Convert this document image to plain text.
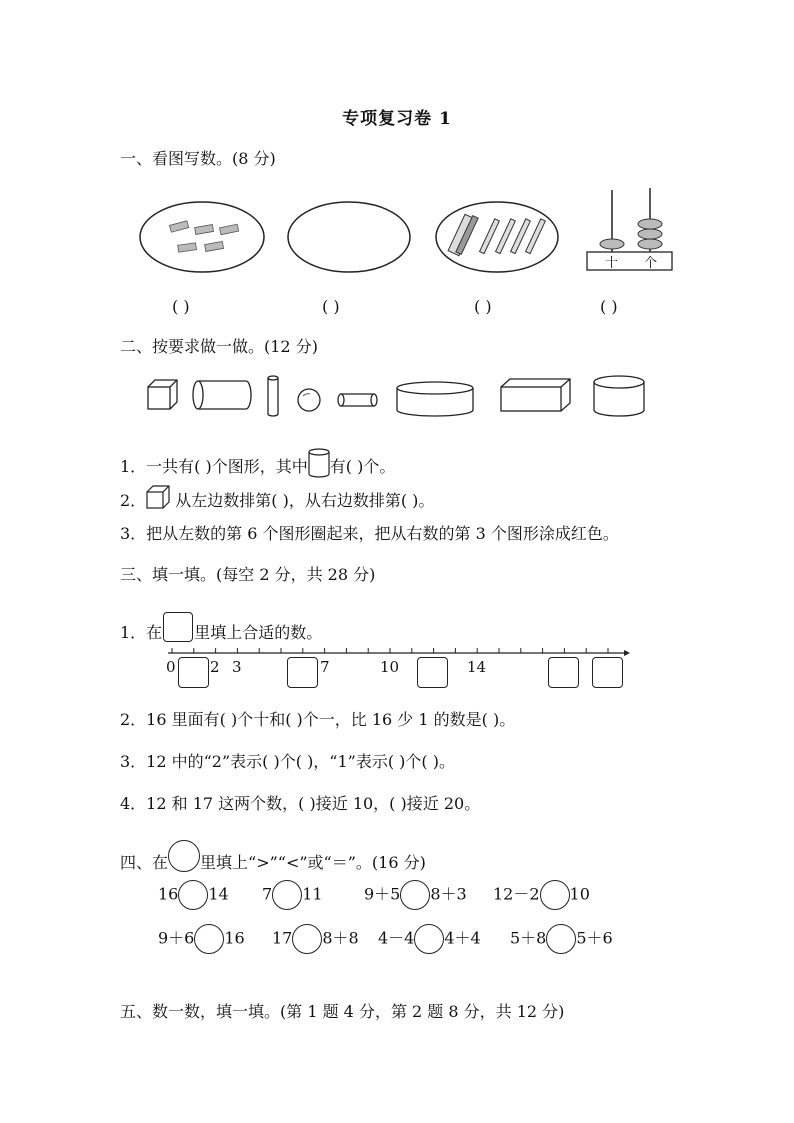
专项复习卷 1
一、看图写数。(8 分)
十 个
( )	( )	( )	( )
二、按要求做一做。(12 分)
1．一共有( )个图形，其中 有( )个。
2． 从左边数排第( )，从右边数排第( )。
3．把从左数的第 6 个图形圈起来，把从右数的第 3 个图形涂成红色。
三、填一填。(每空 2 分，共 28 分)
1．在 里填上合适的数。
0 2 3	7	10	14
2．16 里面有( )个十和( )个一，比 16 少 1 的数是( )。
3．12 中的“2”表示( )个( )，“1”表示( )个( )。
4．12 和 17 这两个数，( )接近 10，( )接近 20。
四、在 里填上“>”“<”或“＝”。(16 分)
16 14 7 11	9＋5 8＋3 12－2 10
9＋6 16 17 8＋8 4－4 4＋4 5＋8 5＋6
五、数一数，填一填。(第 1 题 4 分，第 2 题 8 分，共 12 分)
